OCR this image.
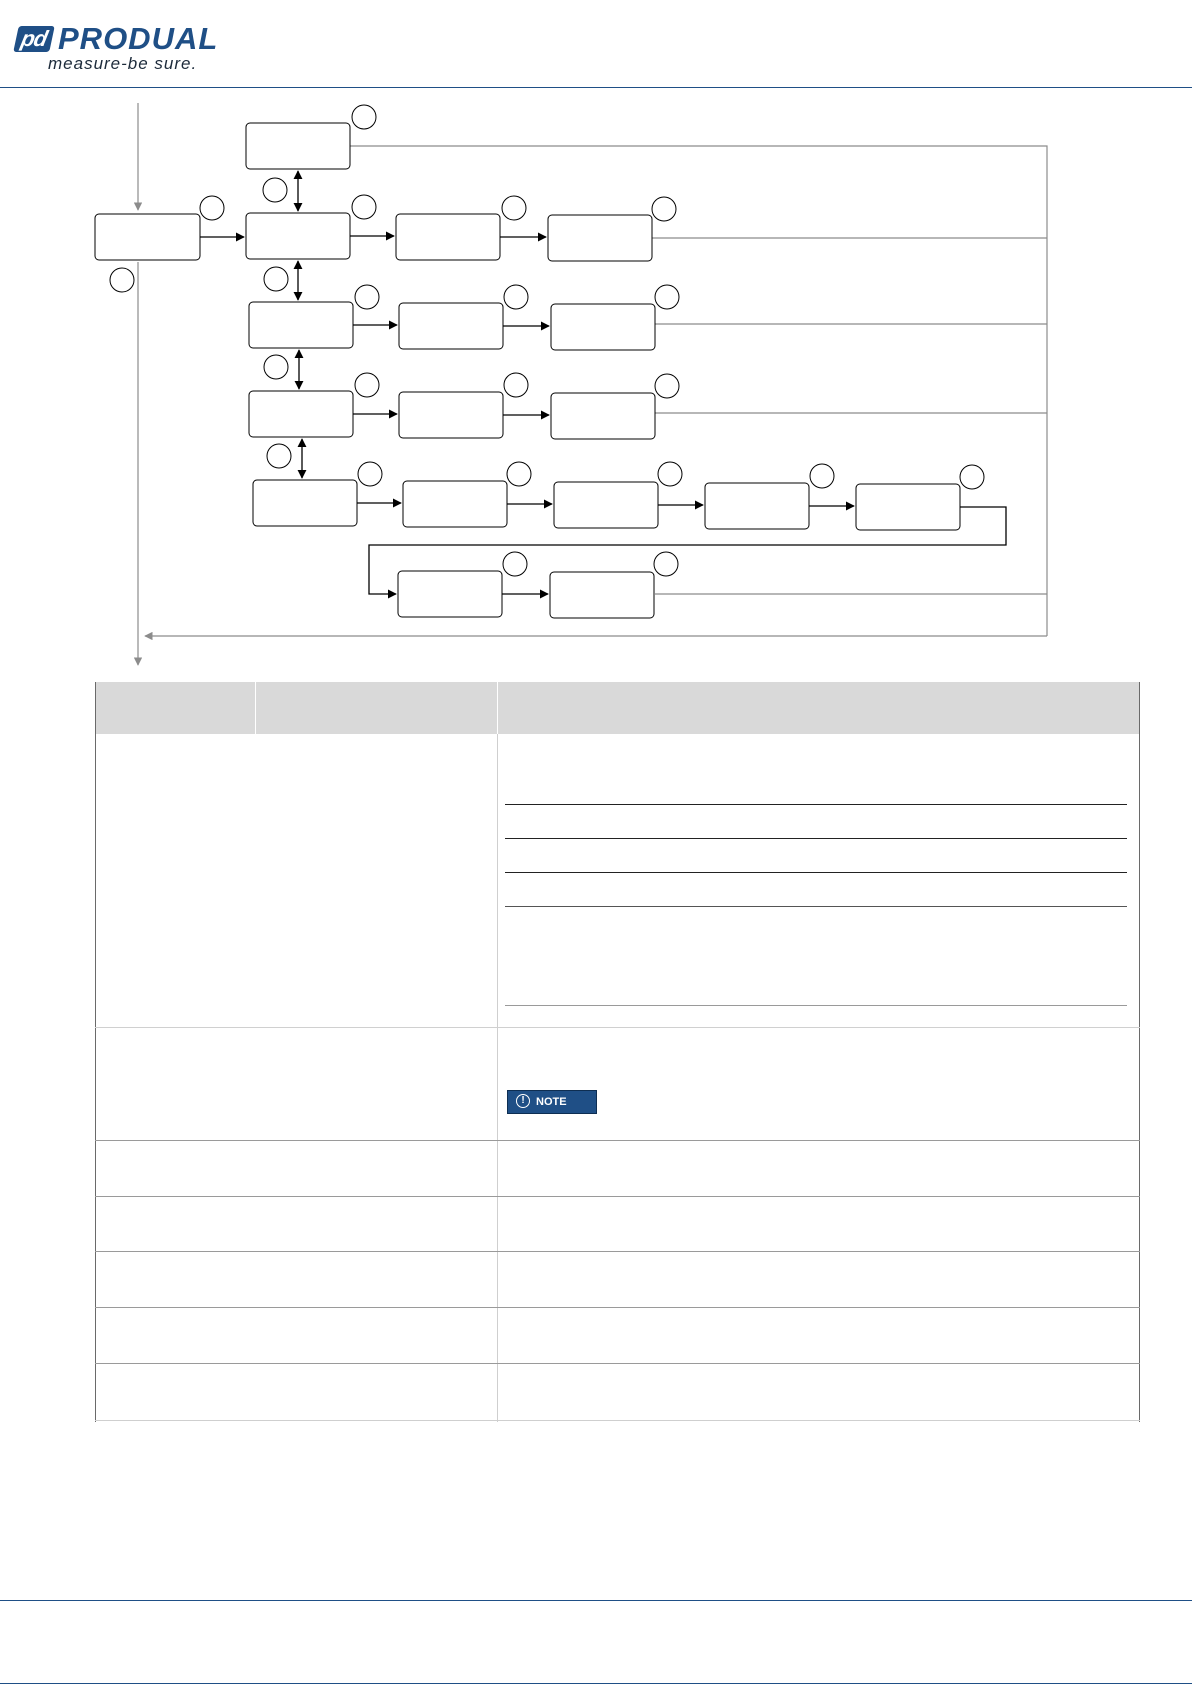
pd PRODUAL
measure-be sure.
!	NOTE
